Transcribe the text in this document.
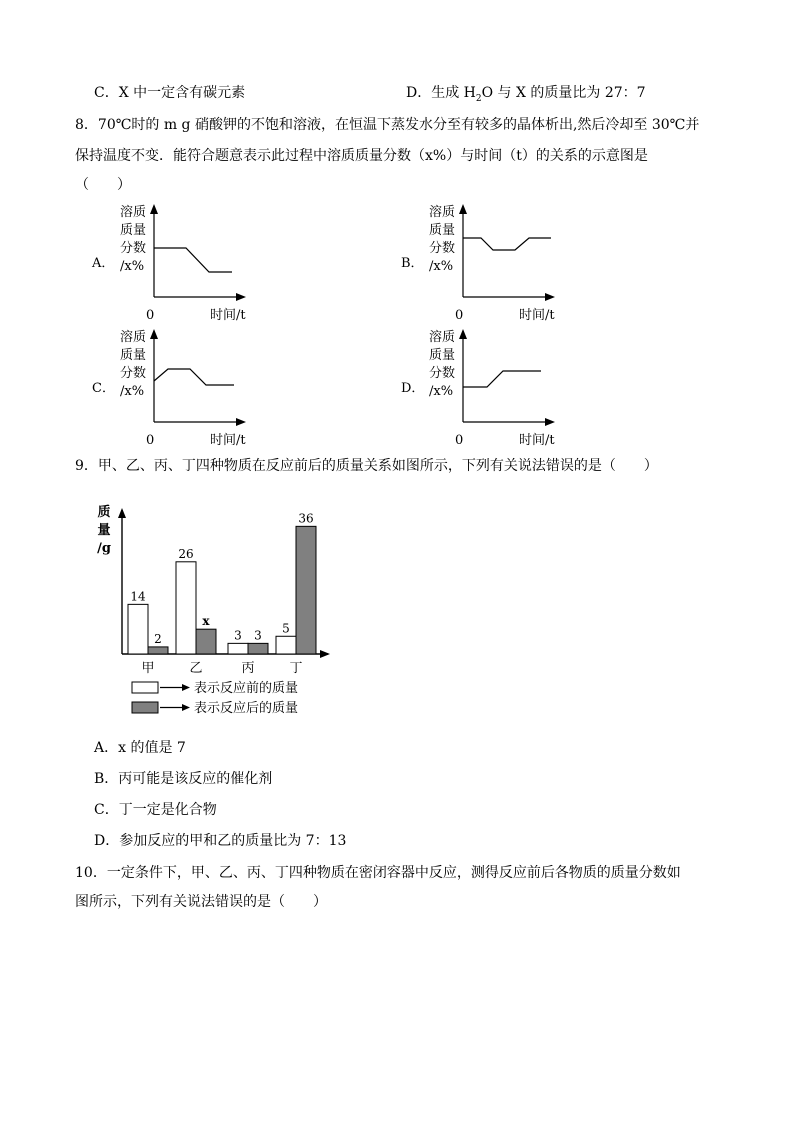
C．X 中一定含有碳元素	D．生成 $H_2O$ 与 X 的质量比为 27：7
8．70℃时的 m g 硝酸钾的不饱和溶液，在恒温下蒸发水分至有较多的晶体析出,然后冷却至 30℃并
保持温度不变．能符合题意表示此过程中溶质质量分数（x%）与时间（t）的关系的示意图是
（　　）
溶质
质量
分数
/x%
A．
0	时间/t
溶质
质量
分数
/x%
B．
0	时间/t
溶质
质量
分数
/x%
C．
0	时间/t
溶质
质量
分数
/x%
D．
0	时间/t
9．甲、乙、丙、丁四种物质在反应前后的质量关系如图所示，下列有关说法错误的是（　　）
质
量
/g
14
2
甲
26
x
乙
3 3
丙
5
36
丁
表示反应前的质量
表示反应后的质量
A．x 的值是 7
B．丙可能是该反应的催化剂
C．丁一定是化合物
D．参加反应的甲和乙的质量比为 7：13
10．一定条件下，甲、乙、丙、丁四种物质在密闭容器中反应，测得反应前后各物质的质量分数如
图所示，下列有关说法错误的是（　　）
